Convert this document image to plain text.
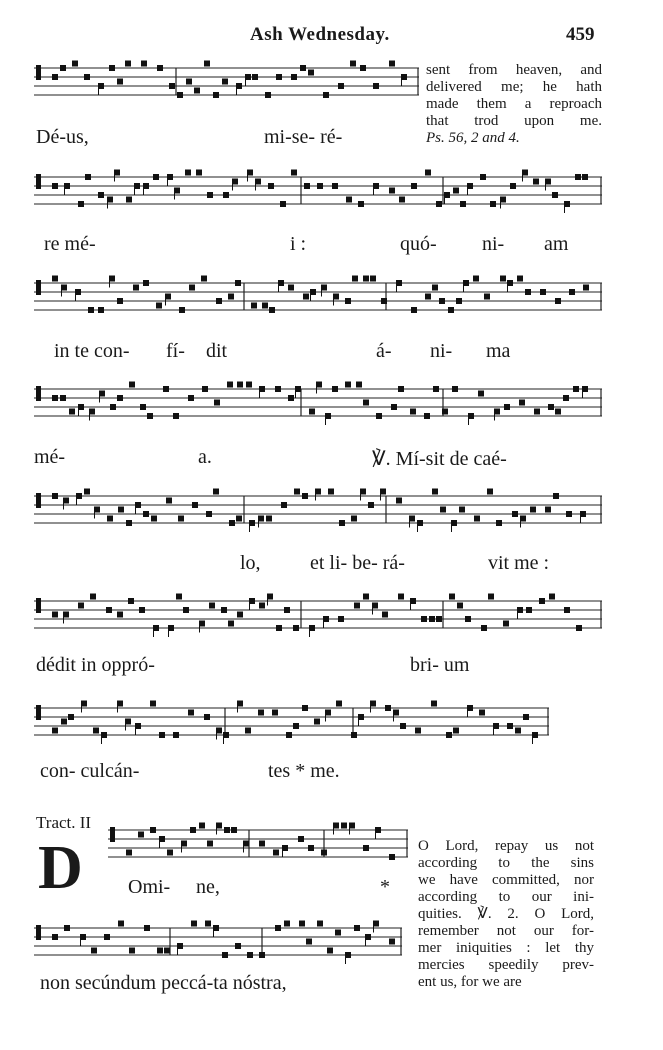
Ash Wednesday.	459
Dé-us,	mi-se- ré-
sent from heaven, and
delivered me; he hath
made them a reproach
that trod upon me.
Ps. 56, 2 and 4.
re mé-	i :	quó- ni- am
in te con- fí- dit	á- ni- ma
mé-	a.	℣. Mí-sit de caé-
lo, et li- be- rá-	vit me :
dédit in oppró-	bri- um
con- culcán-	tes * me.
Tract. II
D Omi- ne,	*
O Lord, repay us not
according to the sins
we have committed, nor
according to our ini-
quities. ℣. 2. O Lord,
remember not our for-
mer iniquities : let thy
mercies speedily prev-
ent us, for we are
non secúndum peccá-ta nóstra,
